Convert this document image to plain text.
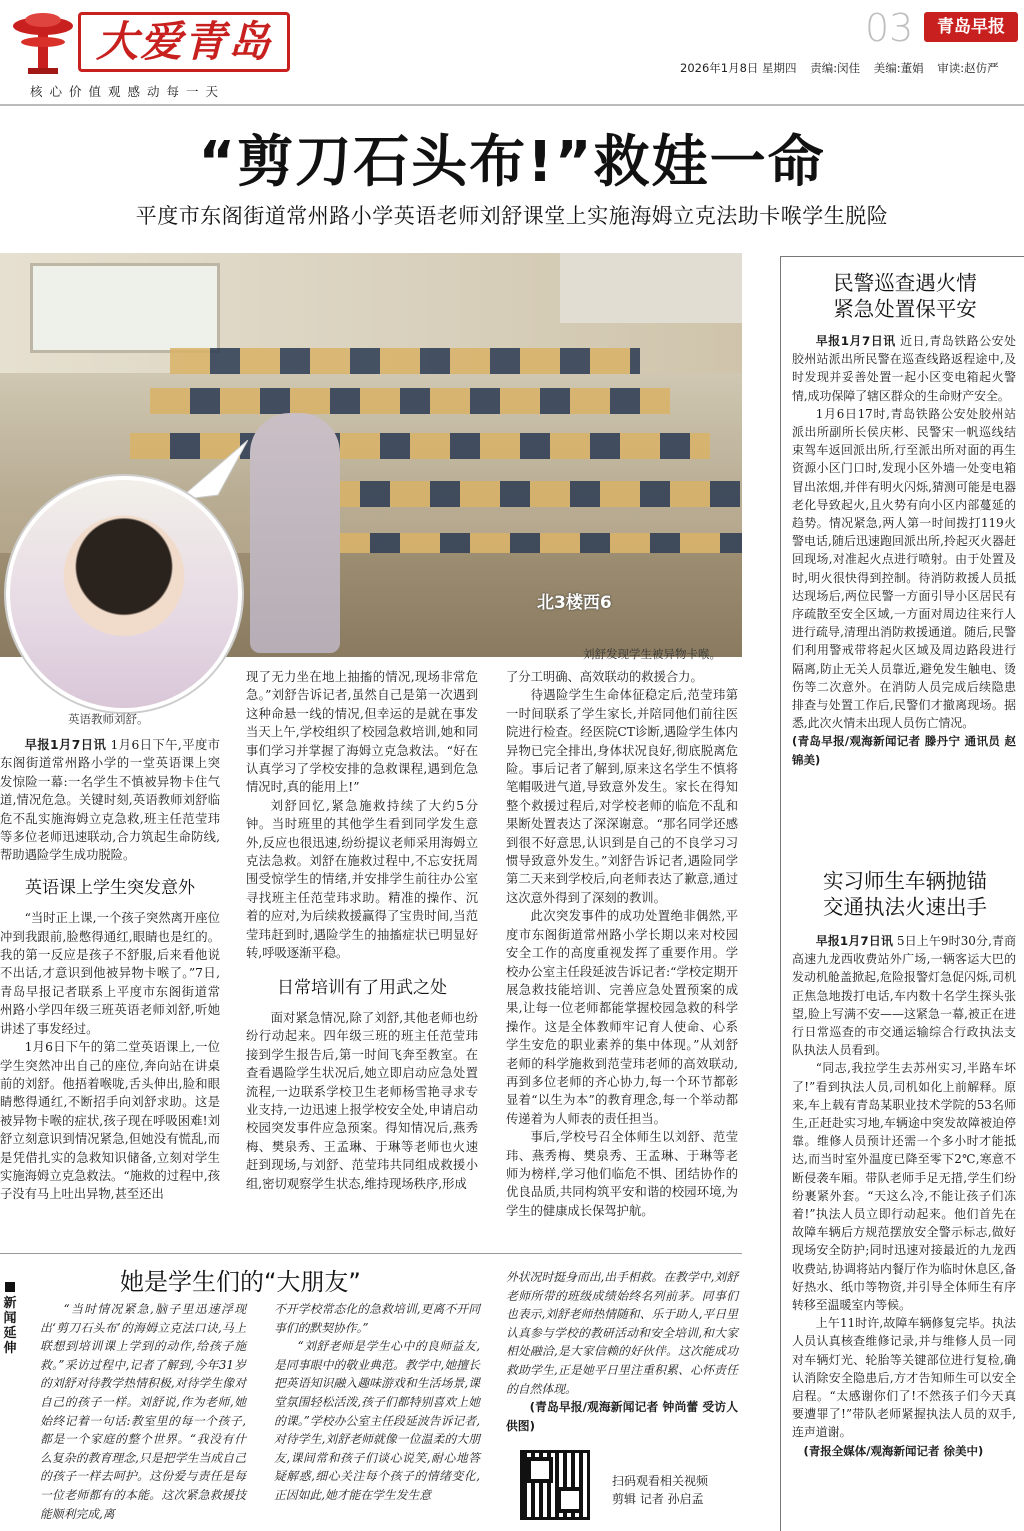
大爱青岛
核心价值观感动每一天
03	青岛早报
2026年1月8日 星期四 责编:闵佳 美编:董娟 审读:赵仿严
“剪刀石头布!”救娃一命
平度市东阁街道常州路小学英语老师刘舒课堂上实施海姆立克法助卡喉学生脱险
北3楼西6
英语教师刘舒。
刘舒发现学生被异物卡喉。

早报1月7日讯 1月6日下午,平度市东阁街道常州路小学的一堂英语课上突发惊险一幕:一名学生不慎被异物卡住气道,情况危急。关键时刻,英语教师刘舒临危不乱实施海姆立克急救,班主任范莹玮等多位老师迅速联动,合力筑起生命防线,帮助遇险学生成功脱险。

英语课上学生突发意外

“当时正上课,一个孩子突然离开座位冲到我跟前,脸憋得通红,眼睛也是红的。我的第一反应是孩子不舒服,后来看他说不出话,才意识到他被异物卡喉了。”7日,青岛早报记者联系上平度市东阁街道常州路小学四年级三班英语老师刘舒,听她讲述了事发经过。

1月6日下午的第二堂英语课上,一位学生突然冲出自己的座位,奔向站在讲桌前的刘舒。他捂着喉咙,舌头伸出,脸和眼睛憋得通红,不断招手向刘舒求助。这是被异物卡喉的症状,孩子现在呼吸困难!刘舒立刻意识到情况紧急,但她没有慌乱,而是凭借扎实的急救知识储备,立刻对学生实施海姆立克急救法。“施救的过程中,孩子没有马上吐出异物,甚至还出

现了无力坐在地上抽搐的情况,现场非常危急。”刘舒告诉记者,虽然自己是第一次遇到这种命悬一线的情况,但幸运的是就在事发当天上午,学校组织了校园急救培训,她和同事们学习并掌握了海姆立克急救法。“好在认真学习了学校安排的急救课程,遇到危急情况时,真的能用上!”

刘舒回忆,紧急施救持续了大约5分钟。当时班里的其他学生看到同学发生意外,反应也很迅速,纷纷提议老师采用海姆立克法急救。刘舒在施救过程中,不忘安抚周围受惊学生的情绪,并安排学生前往办公室寻找班主任范莹玮求助。精准的操作、沉着的应对,为后续救援赢得了宝贵时间,当范莹玮赶到时,遇险学生的抽搐症状已明显好转,呼吸逐渐平稳。

日常培训有了用武之处

面对紧急情况,除了刘舒,其他老师也纷纷行动起来。四年级三班的班主任范莹玮接到学生报告后,第一时间飞奔至教室。在查看遇险学生状况后,她立即启动应急处置流程,一边联系学校卫生老师杨雪艳寻求专业支持,一边迅速上报学校安全处,申请启动校园突发事件应急预案。得知情况后,燕秀梅、樊泉秀、王孟琳、于琳等老师也火速赶到现场,与刘舒、范莹玮共同组成救援小组,密切观察学生状态,维持现场秩序,形成

了分工明确、高效联动的救援合力。

待遇险学生生命体征稳定后,范莹玮第一时间联系了学生家长,并陪同他们前往医院进行检查。经医院CT诊断,遇险学生体内异物已完全排出,身体状况良好,彻底脱离危险。事后记者了解到,原来这名学生不慎将笔帽吸进气道,导致意外发生。家长在得知整个救援过程后,对学校老师的临危不乱和果断处置表达了深深谢意。“那名同学还感到很不好意思,认识到是自己的不良学习习惯导致意外发生。”刘舒告诉记者,遇险同学第二天来到学校后,向老师表达了歉意,通过这次意外得到了深刻的教训。

此次突发事件的成功处置绝非偶然,平度市东阁街道常州路小学长期以来对校园安全工作的高度重视发挥了重要作用。学校办公室主任段延波告诉记者:“学校定期开展急救技能培训、完善应急处置预案的成果,让每一位老师都能掌握校园急救的科学操作。这是全体教师牢记育人使命、心系学生安危的职业素养的集中体现。”从刘舒老师的科学施救到范莹玮老师的高效联动,再到多位老师的齐心协力,每一个环节都彰显着“以生为本”的教育理念,每一个举动都传递着为人师表的责任担当。

事后,学校号召全体师生以刘舒、范莹玮、燕秀梅、樊泉秀、王孟琳、于琳等老师为榜样,学习他们临危不惧、团结协作的优良品质,共同构筑平安和谐的校园环境,为学生的健康成长保驾护航。

新闻延伸
她是学生们的“大朋友”

“当时情况紧急,脑子里迅速浮现出‘剪刀石头布’的海姆立克法口诀,马上联想到培训课上学到的动作,给孩子施救。”采访过程中,记者了解到,今年31岁的刘舒对待教学热情积极,对待学生像对自己的孩子一样。刘舒说,作为老师,她始终记着一句话:教室里的每一个孩子,都是一个家庭的整个世界。“我没有什么复杂的教育理念,只是把学生当成自己的孩子一样去呵护。这份爱与责任是每一位老师都有的本能。这次紧急救援技能顺利完成,离

不开学校常态化的急救培训,更离不开同事们的默契协作。”

“刘舒老师是学生心中的良师益友,是同事眼中的敬业典范。教学中,她擅长把英语知识融入趣味游戏和生活场景,课堂氛围轻松活泼,孩子们都特别喜欢上她的课。”学校办公室主任段延波告诉记者,对待学生,刘舒老师就像一位温柔的大朋友,课间常和孩子们谈心说笑,耐心地答疑解惑,细心关注每个孩子的情绪变化,正因如此,她才能在学生发生意

外状况时挺身而出,出手相救。在教学中,刘舒老师所带的班级成绩始终名列前茅。同事们也表示,刘舒老师热情随和、乐于助人,平日里认真参与学校的教研活动和安全培训,和大家相处融洽,是大家信赖的好伙伴。这次能成功救助学生,正是她平日里注重积累、心怀责任的自然体现。

(青岛早报/观海新闻记者 钟尚蕾 受访人供图)

扫码观看相关视频
剪辑 记者 孙启孟
民警巡查遇火情
紧急处置保平安

早报1月7日讯 近日,青岛铁路公安处胶州站派出所民警在巡查线路返程途中,及时发现并妥善处置一起小区变电箱起火警情,成功保障了辖区群众的生命财产安全。

1月6日17时,青岛铁路公安处胶州站派出所副所长侯庆彬、民警宋一帆巡线结束驾车返回派出所,行至派出所对面的再生资源小区门口时,发现小区外墙一处变电箱冒出浓烟,并伴有明火闪烁,猜测可能是电器老化导致起火,且火势有向小区内部蔓延的趋势。情况紧急,两人第一时间拨打119火警电话,随后迅速跑回派出所,拎起灭火器赶回现场,对准起火点进行喷射。由于处置及时,明火很快得到控制。待消防救援人员抵达现场后,两位民警一方面引导小区居民有序疏散至安全区域,一方面对周边往来行人进行疏导,清理出消防救援通道。随后,民警们利用警戒带将起火区域及周边路段进行隔离,防止无关人员靠近,避免发生触电、烫伤等二次意外。在消防人员完成后续隐患排查与处置工作后,民警们才撤离现场。据悉,此次火情未出现人员伤亡情况。

(青岛早报/观海新闻记者 滕丹宁 通讯员 赵锦美)

实习师生车辆抛锚
交通执法火速出手

早报1月7日讯 5日上午9时30分,青商高速九龙西收费站外广场,一辆客运大巴的发动机舱盖掀起,危险报警灯急促闪烁,司机正焦急地拨打电话,车内数十名学生探头张望,脸上写满不安——这紧急一幕,被正在进行日常巡查的市交通运输综合行政执法支队执法人员看到。

“同志,我拉学生去苏州实习,半路车坏了!”看到执法人员,司机如化上前解释。原来,车上载有青岛某职业技术学院的53名师生,正赶赴实习地,车辆途中突发故障被迫停靠。维修人员预计还需一个多小时才能抵达,而当时室外温度已降至零下2℃,寒意不断侵袭车厢。带队老师手足无措,学生们纷纷裹紧外套。“天这么冷,不能让孩子们冻着!”执法人员立即行动起来。他们首先在故障车辆后方规范摆放安全警示标志,做好现场安全防护;同时迅速对接最近的九龙西收费站,协调将站内餐厅作为临时休息区,备好热水、纸巾等物资,并引导全体师生有序转移至温暖室内等候。

上午11时许,故障车辆修复完毕。执法人员认真核查维修记录,并与维修人员一同对车辆灯光、轮胎等关键部位进行复检,确认消除安全隐患后,方才告知师生可以安全启程。“太感谢你们了!不然孩子们今天真要遭罪了!”带队老师紧握执法人员的双手,连声道谢。

(青报全媒体/观海新闻记者 徐美中)
